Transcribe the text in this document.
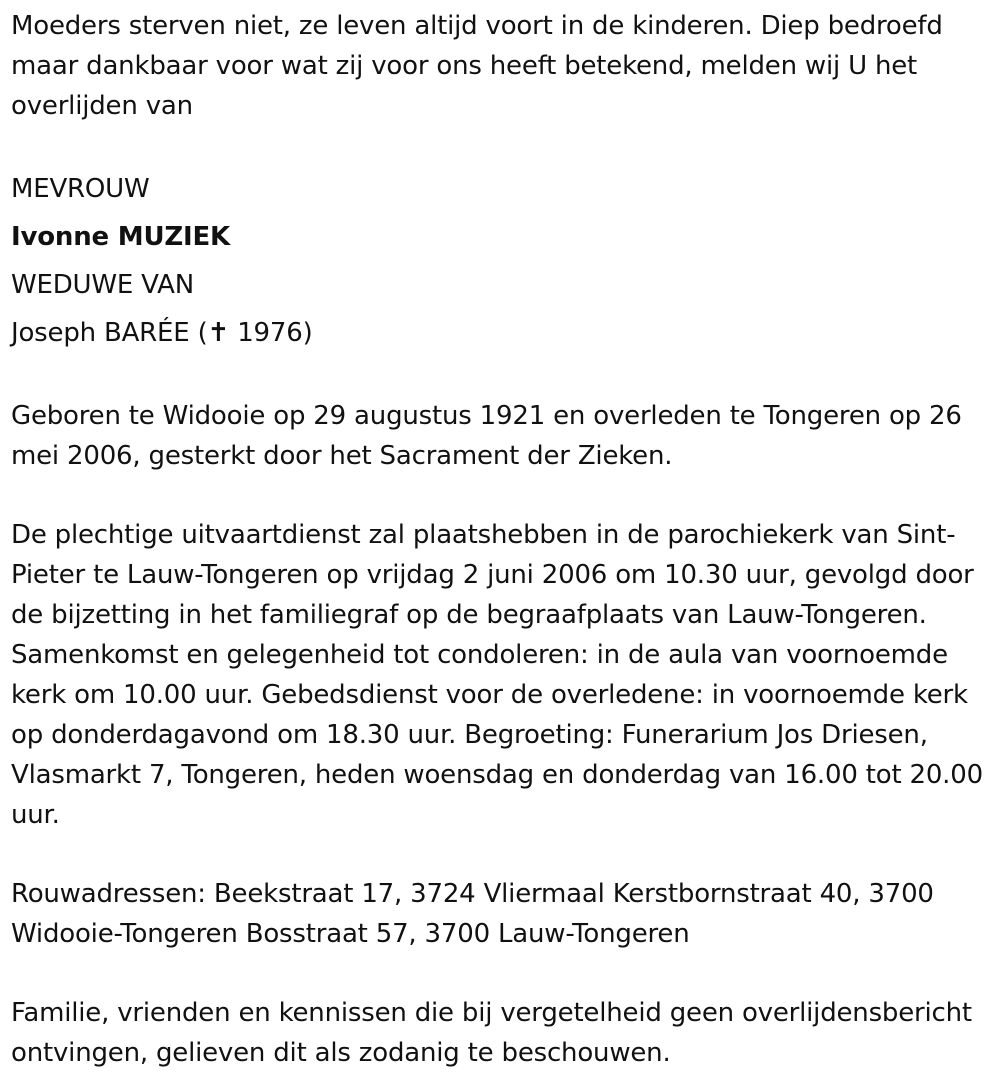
Moeders sterven niet, ze leven altijd voort in de kinderen. Diep bedroefd maar dankbaar voor wat zij voor ons heeft betekend, melden wij U het overlijden van

MEVROUW

Ivonne MUZIEK

WEDUWE VAN

Joseph BARÉE (✝ 1976)

Geboren te Widooie op 29 augustus 1921 en overleden te Tongeren op 26 mei 2006, gesterkt door het Sacrament der Zieken.

De plechtige uitvaartdienst zal plaatshebben in de parochiekerk van Sint-Pieter te Lauw-Tongeren op vrijdag 2 juni 2006 om 10.30 uur, gevolgd door de bijzetting in het familiegraf op de begraafplaats van Lauw-Tongeren. Samenkomst en gelegenheid tot condoleren: in de aula van voornoemde kerk om 10.00 uur. Gebedsdienst voor de overledene: in voornoemde kerk op donderdagavond om 18.30 uur. Begroeting: Funerarium Jos Driesen, Vlasmarkt 7, Tongeren, heden woensdag en donderdag van 16.00 tot 20.00 uur.

Rouwadressen: Beekstraat 17, 3724 Vliermaal Kerstbornstraat 40, 3700 Widooie-Tongeren Bosstraat 57, 3700 Lauw-Tongeren

Familie, vrienden en kennissen die bij vergetelheid geen overlijdensbericht ontvingen, gelieven dit als zodanig te beschouwen.
